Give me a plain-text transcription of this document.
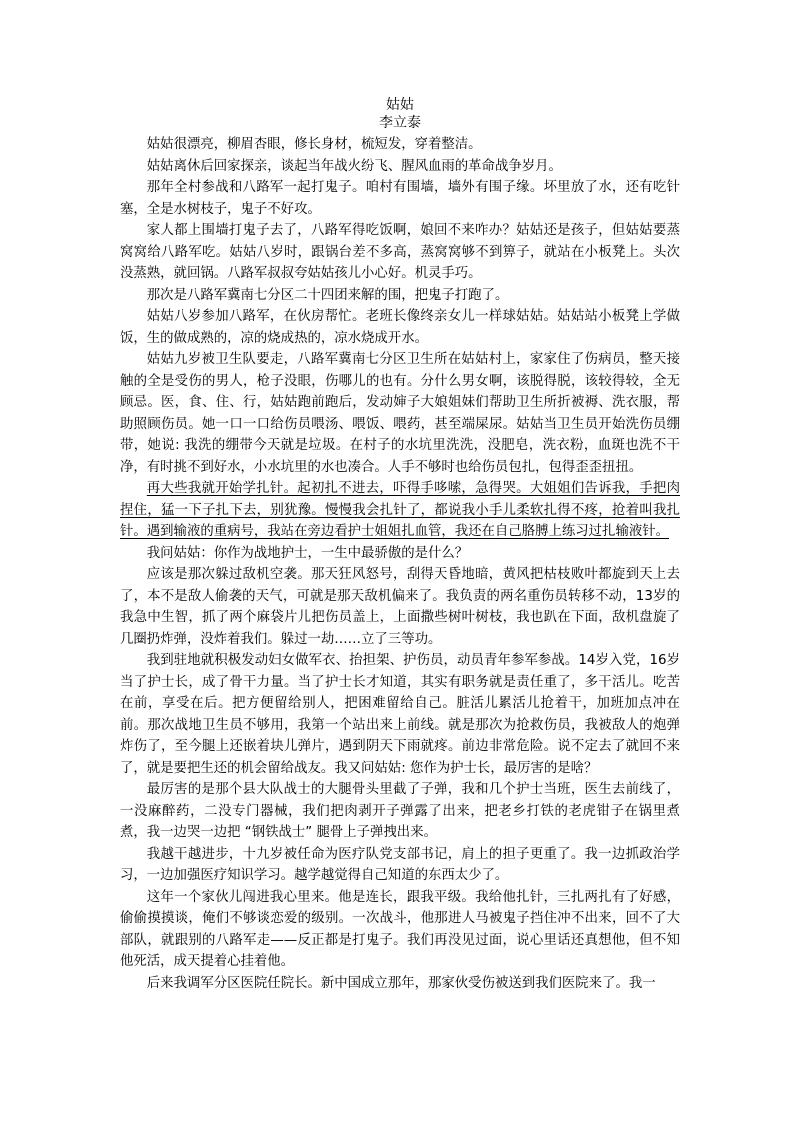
姑姑

李立泰

姑姑很漂亮，柳眉杏眼，修长身材，梳短发，穿着整洁。

姑姑离休后回家探亲，谈起当年战火纷飞、腥风血雨的革命战争岁月。

那年全村参战和八路军一起打鬼子。咱村有围墙，墙外有围子缘。坏里放了水，还有吃针塞，全是水树枝子，鬼子不好攻。

家人都上围墙打鬼子去了，八路军得吃饭啊，娘回不来咋办？姑姑还是孩子，但姑姑要蒸窝窝给八路军吃。姑姑八岁时，跟锅台差不多高，蒸窝窝够不到箅子，就站在小板凳上。头次没蒸熟，就回锅。八路军叔叔夸姑姑孩儿小心好。机灵手巧。

那次是八路军冀南七分区二十四团来解的围，把鬼子打跑了。

姑姑八岁参加八路军，在伙房帮忙。老班长像终亲女儿一样球姑姑。姑姑站小板凳上学做饭，生的做成熟的，凉的烧成热的，凉水烧成开水。

姑姑九岁被卫生队要走，八路军冀南七分区卫生所在姑姑村上，家家住了伤病员，整天接触的全是受伤的男人，枪子没眼，伤哪儿的也有。分什么男女啊，该脱得脱，该较得较，全无顾忌。医，食、住、行，姑姑跑前跑后，发动婶子大娘姐妹们帮助卫生所折被褥、洗衣服，帮助照顾伤员。她一口一口给伤员喂汤、喂饭、喂药，甚至端屎尿。姑姑当卫生员开始洗伤员绷带，她说: 我洗的绷带今天就是垃圾。在村子的水坑里洗洗，没肥皂，洗衣粉，血斑也洗不干净，有时挑不到好水，小水坑里的水也凑合。人手不够时也给伤员包扎，包得歪歪扭扭。

再大些我就开始学扎针。起初扎不进去，吓得手哆嗦，急得哭。大姐姐们告诉我，手把肉捏住，猛一下子扎下去，别犹豫。慢慢我会扎针了，都说我小手儿柔软扎得不疼，抢着叫我扎针。遇到输液的重病号，我站在旁边看护士姐姐扎血管，我还在自己胳膊上练习过扎输液针。

我问姑姑：你作为战地护士，一生中最骄傲的是什么？

应该是那次躲过敌机空袭。那天狂风怒号，刮得天昏地暗，黄风把枯枝败叶都旋到天上去了，本不是敌人偷袭的天气，可就是那天敌机偏来了。我负责的两名重伤员转移不动，13岁的我急中生智，抓了两个麻袋片儿把伤员盖上，上面撒些树叶树枝，我也趴在下面，敌机盘旋了几圈扔炸弹，没炸着我们。躲过一劫……立了三等功。

我到驻地就积极发动妇女做军衣、抬担架、护伤员，动员青年参军参战。14岁入党，16岁当了护士长，成了骨干力量。当了护士长才知道，其实有职务就是责任重了，多干活儿。吃苦在前，享受在后。把方便留给别人，把困难留给自己。脏活儿累活儿抢着干，加班加点冲在前。那次战地卫生员不够用，我第一个站出来上前线。就是那次为抢救伤员，我被敌人的炮弹炸伤了，至今腿上还嵌着块儿弹片，遇到阴天下雨就疼。前边非常危险。说不定去了就回不来了，就是要把生还的机会留给战友。我又问姑姑: 您作为护士长，最厉害的是啥？

最厉害的是那个县大队战士的大腿骨头里截了子弹，我和几个护士当班，医生去前线了，一没麻醉药，二没专门器械，我们把肉剥开子弹露了出来，把老乡打铁的老虎钳子在锅里煮煮，我一边哭一边把 “钢铁战士” 腿骨上子弹拽出来。

我越干越进步，十九岁被任命为医疗队党支部书记，肩上的担子更重了。我一边抓政治学习，一边加强医疗知识学习。越学越觉得自己知道的东西太少了。

这年一个家伙儿闯进我心里来。他是连长，跟我平级。我给他扎针，三扎两扎有了好感，偷偷摸摸谈，俺们不够谈恋爱的级别。一次战斗，他那进人马被鬼子挡住冲不出来，回不了大部队，就跟别的八路军走——反正都是打鬼子。我们再没见过面，说心里话还真想他，但不知他死活，成天提着心挂着他。

后来我调军分区医院任院长。新中国成立那年，那家伙受伤被送到我们医院来了。我一
